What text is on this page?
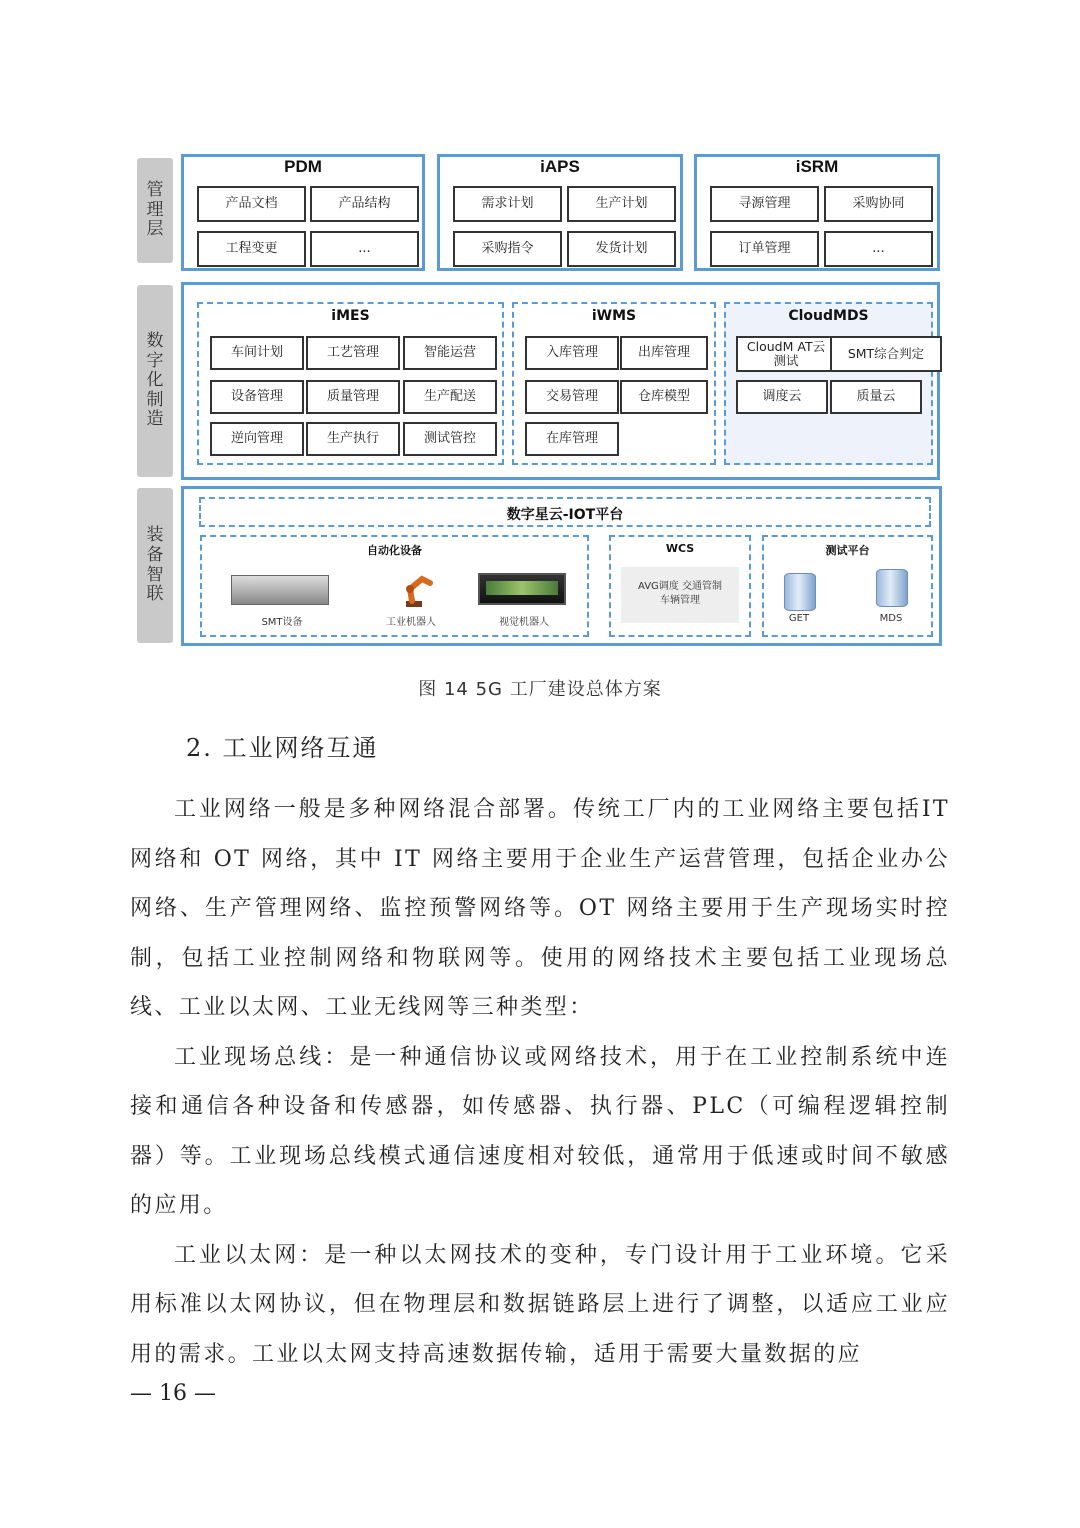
管理层
数字化制造
装备智联
PDM
产品文档	产品结构
工程变更	...
iAPS
需求计划	生产计划
采购指令	发货计划
iSRM
寻源管理	采购协同
订单管理	...
iMES
车间计划	工艺管理	智能运营
设备管理	质量管理	生产配送
逆向管理	生产执行	测试管控
iWMS
入库管理	出库管理
交易管理	仓库模型
在库管理
CloudMDS
CloudM AT云测试	SMT综合判定
调度云	质量云
数字星云-IOT平台
自动化设备
SMT设备	工业机器人	视觉机器人
WCS
AVG调度 交通管制
车辆管理
测试平台
GET	MDS
图 14 5G 工厂建设总体方案
2. 工业网络互通

工业网络一般是多种网络混合部署。传统工厂内的工业网络主要包括IT 网络和 OT 网络，其中 IT 网络主要用于企业生产运营管理，包括企业办公网络、生产管理网络、监控预警网络等。OT 网络主要用于生产现场实时控制，包括工业控制网络和物联网等。使用的网络技术主要包括工业现场总线、工业以太网、工业无线网等三种类型：

工业现场总线：是一种通信协议或网络技术，用于在工业控制系统中连接和通信各种设备和传感器，如传感器、执行器、PLC（可编程逻辑控制器）等。工业现场总线模式通信速度相对较低，通常用于低速或时间不敏感的应用。

工业以太网：是一种以太网技术的变种，专门设计用于工业环境。它采用标准以太网协议，但在物理层和数据链路层上进行了调整，以适应工业应用的需求。工业以太网支持高速数据传输，适用于需要大量数据的应

— 16 —
